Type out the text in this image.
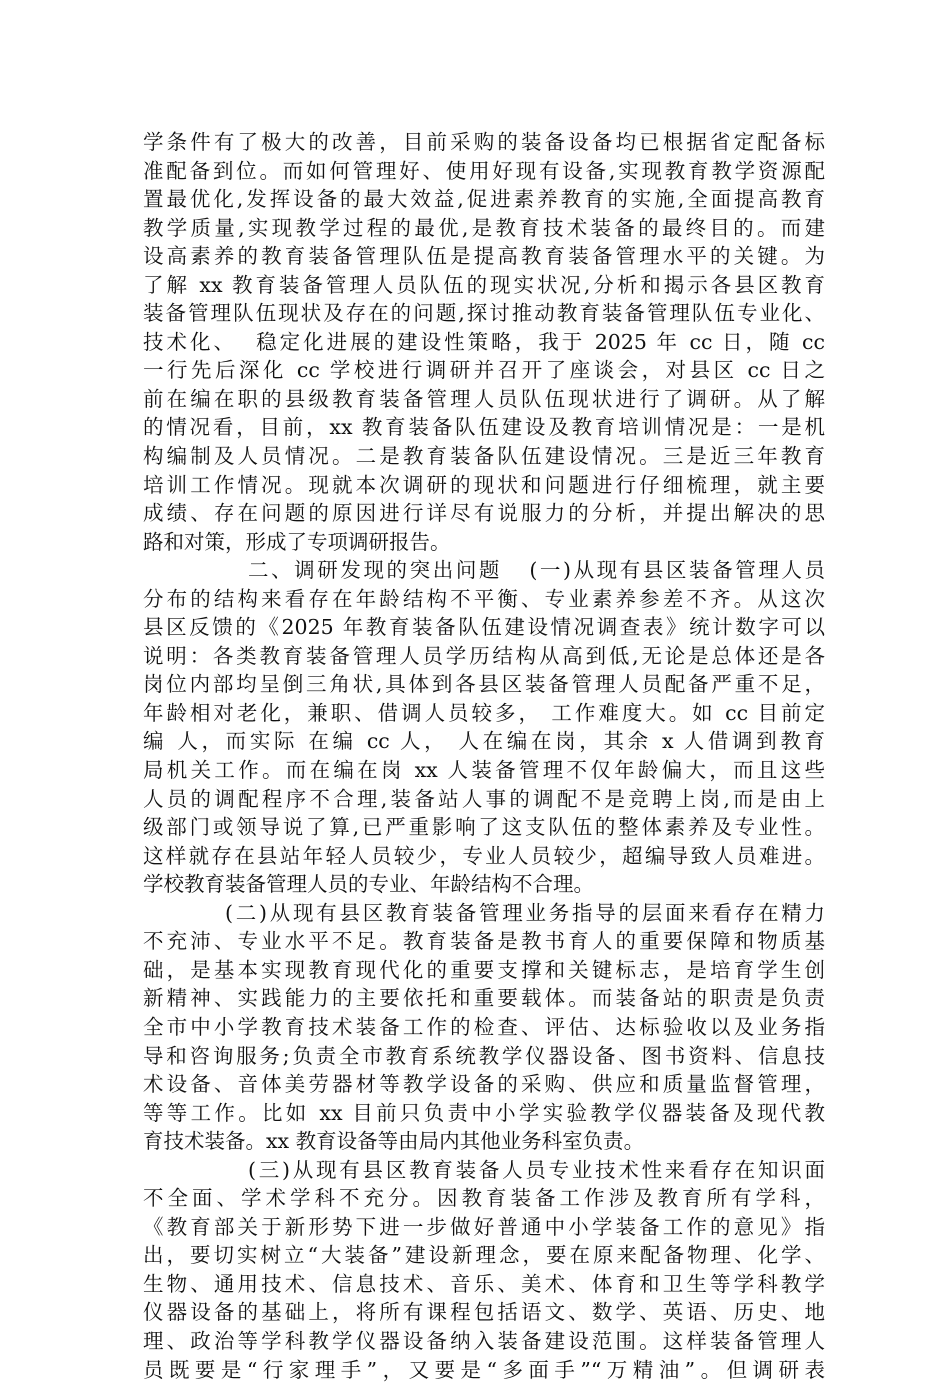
学条件有了极大的改善，目前采购的装备设备均已根据省定配备标
准配备到位。而如何管理好、使用好现有设备,实现教育教学资源配
置最优化,发挥设备的最大效益,促进素养教育的实施,全面提高教育
教学质量,实现教学过程的最优,是教育技术装备的最终目的。而建
设高素养的教育装备管理队伍是提高教育装备管理水平的关键。为
了解 xx 教育装备管理人员队伍的现实状况,分析和揭示各县区教育
装备管理队伍现状及存在的问题,探讨推动教育装备管理队伍专业化、
技术化、  稳定化进展的建设性策略，我于 2025 年 cc 日，随 cc
一行先后深化 cc 学校进行调研并召开了座谈会，对县区 cc 日之
前在编在职的县级教育装备管理人员队伍现状进行了调研。从了解
的情况看，目前，xx 教育装备队伍建设及教育培训情况是：一是机
构编制及人员情况。二是教育装备队伍建设情况。三是近三年教育
培训工作情况。现就本次调研的现状和问题进行仔细梳理，就主要
成绩、存在问题的原因进行详尽有说服力的分析，并提出解决的思
路和对策，形成了专项调研报告。
二、调研发现的突出问题   (一)从现有县区装备管理人员
分布的结构来看存在年龄结构不平衡、专业素养参差不齐。从这次
县区反馈的《2025 年教育装备队伍建设情况调查表》统计数字可以
说明：各类教育装备管理人员学历结构从高到低,无论是总体还是各
岗位内部均呈倒三角状,具体到各县区装备管理人员配备严重不足，
年龄相对老化，兼职、借调人员较多， 工作难度大。如 cc 目前定
编 人，而实际 在编 cc 人， 人在编在岗，其余 x 人借调到教育
局机关工作。而在编在岗 xx 人装备管理不仅年龄偏大，而且这些
人员的调配程序不合理,装备站人事的调配不是竞聘上岗,而是由上
级部门或领导说了算,已严重影响了这支队伍的整体素养及专业性。
这样就存在县站年轻人员较少，专业人员较少，超编导致人员难进。
学校教育装备管理人员的专业、年龄结构不合理。
(二)从现有县区教育装备管理业务指导的层面来看存在精力
不充沛、专业水平不足。教育装备是教书育人的重要保障和物质基
础，是基本实现教育现代化的重要支撑和关键标志，是培育学生创
新精神、实践能力的主要依托和重要载体。而装备站的职责是负责
全市中小学教育技术装备工作的检查、评估、达标验收以及业务指
导和咨询服务;负责全市教育系统教学仪器设备、图书资料、信息技
术设备、音体美劳器材等教学设备的采购、供应和质量监督管理，
等等工作。比如 xx 目前只负责中小学实验教学仪器装备及现代教
育技术装备。xx 教育设备等由局内其他业务科室负责。
(三)从现有县区教育装备人员专业技术性来看存在知识面
不全面、学术学科不充分。因教育装备工作涉及教育所有学科，
《教育部关于新形势下进一步做好普通中小学装备工作的意见》指
出，要切实树立“大装备”建设新理念，要在原来配备物理、化学、
生物、通用技术、信息技术、音乐、美术、体育和卫生等学科教学
仪器设备的基础上，将所有课程包括语文、数学、英语、历史、地
理、政治等学科教学仪器设备纳入装备建设范围。这样装备管理人
员既要是“行家理手”，又要是“多面手”“万精油”。但调研表
